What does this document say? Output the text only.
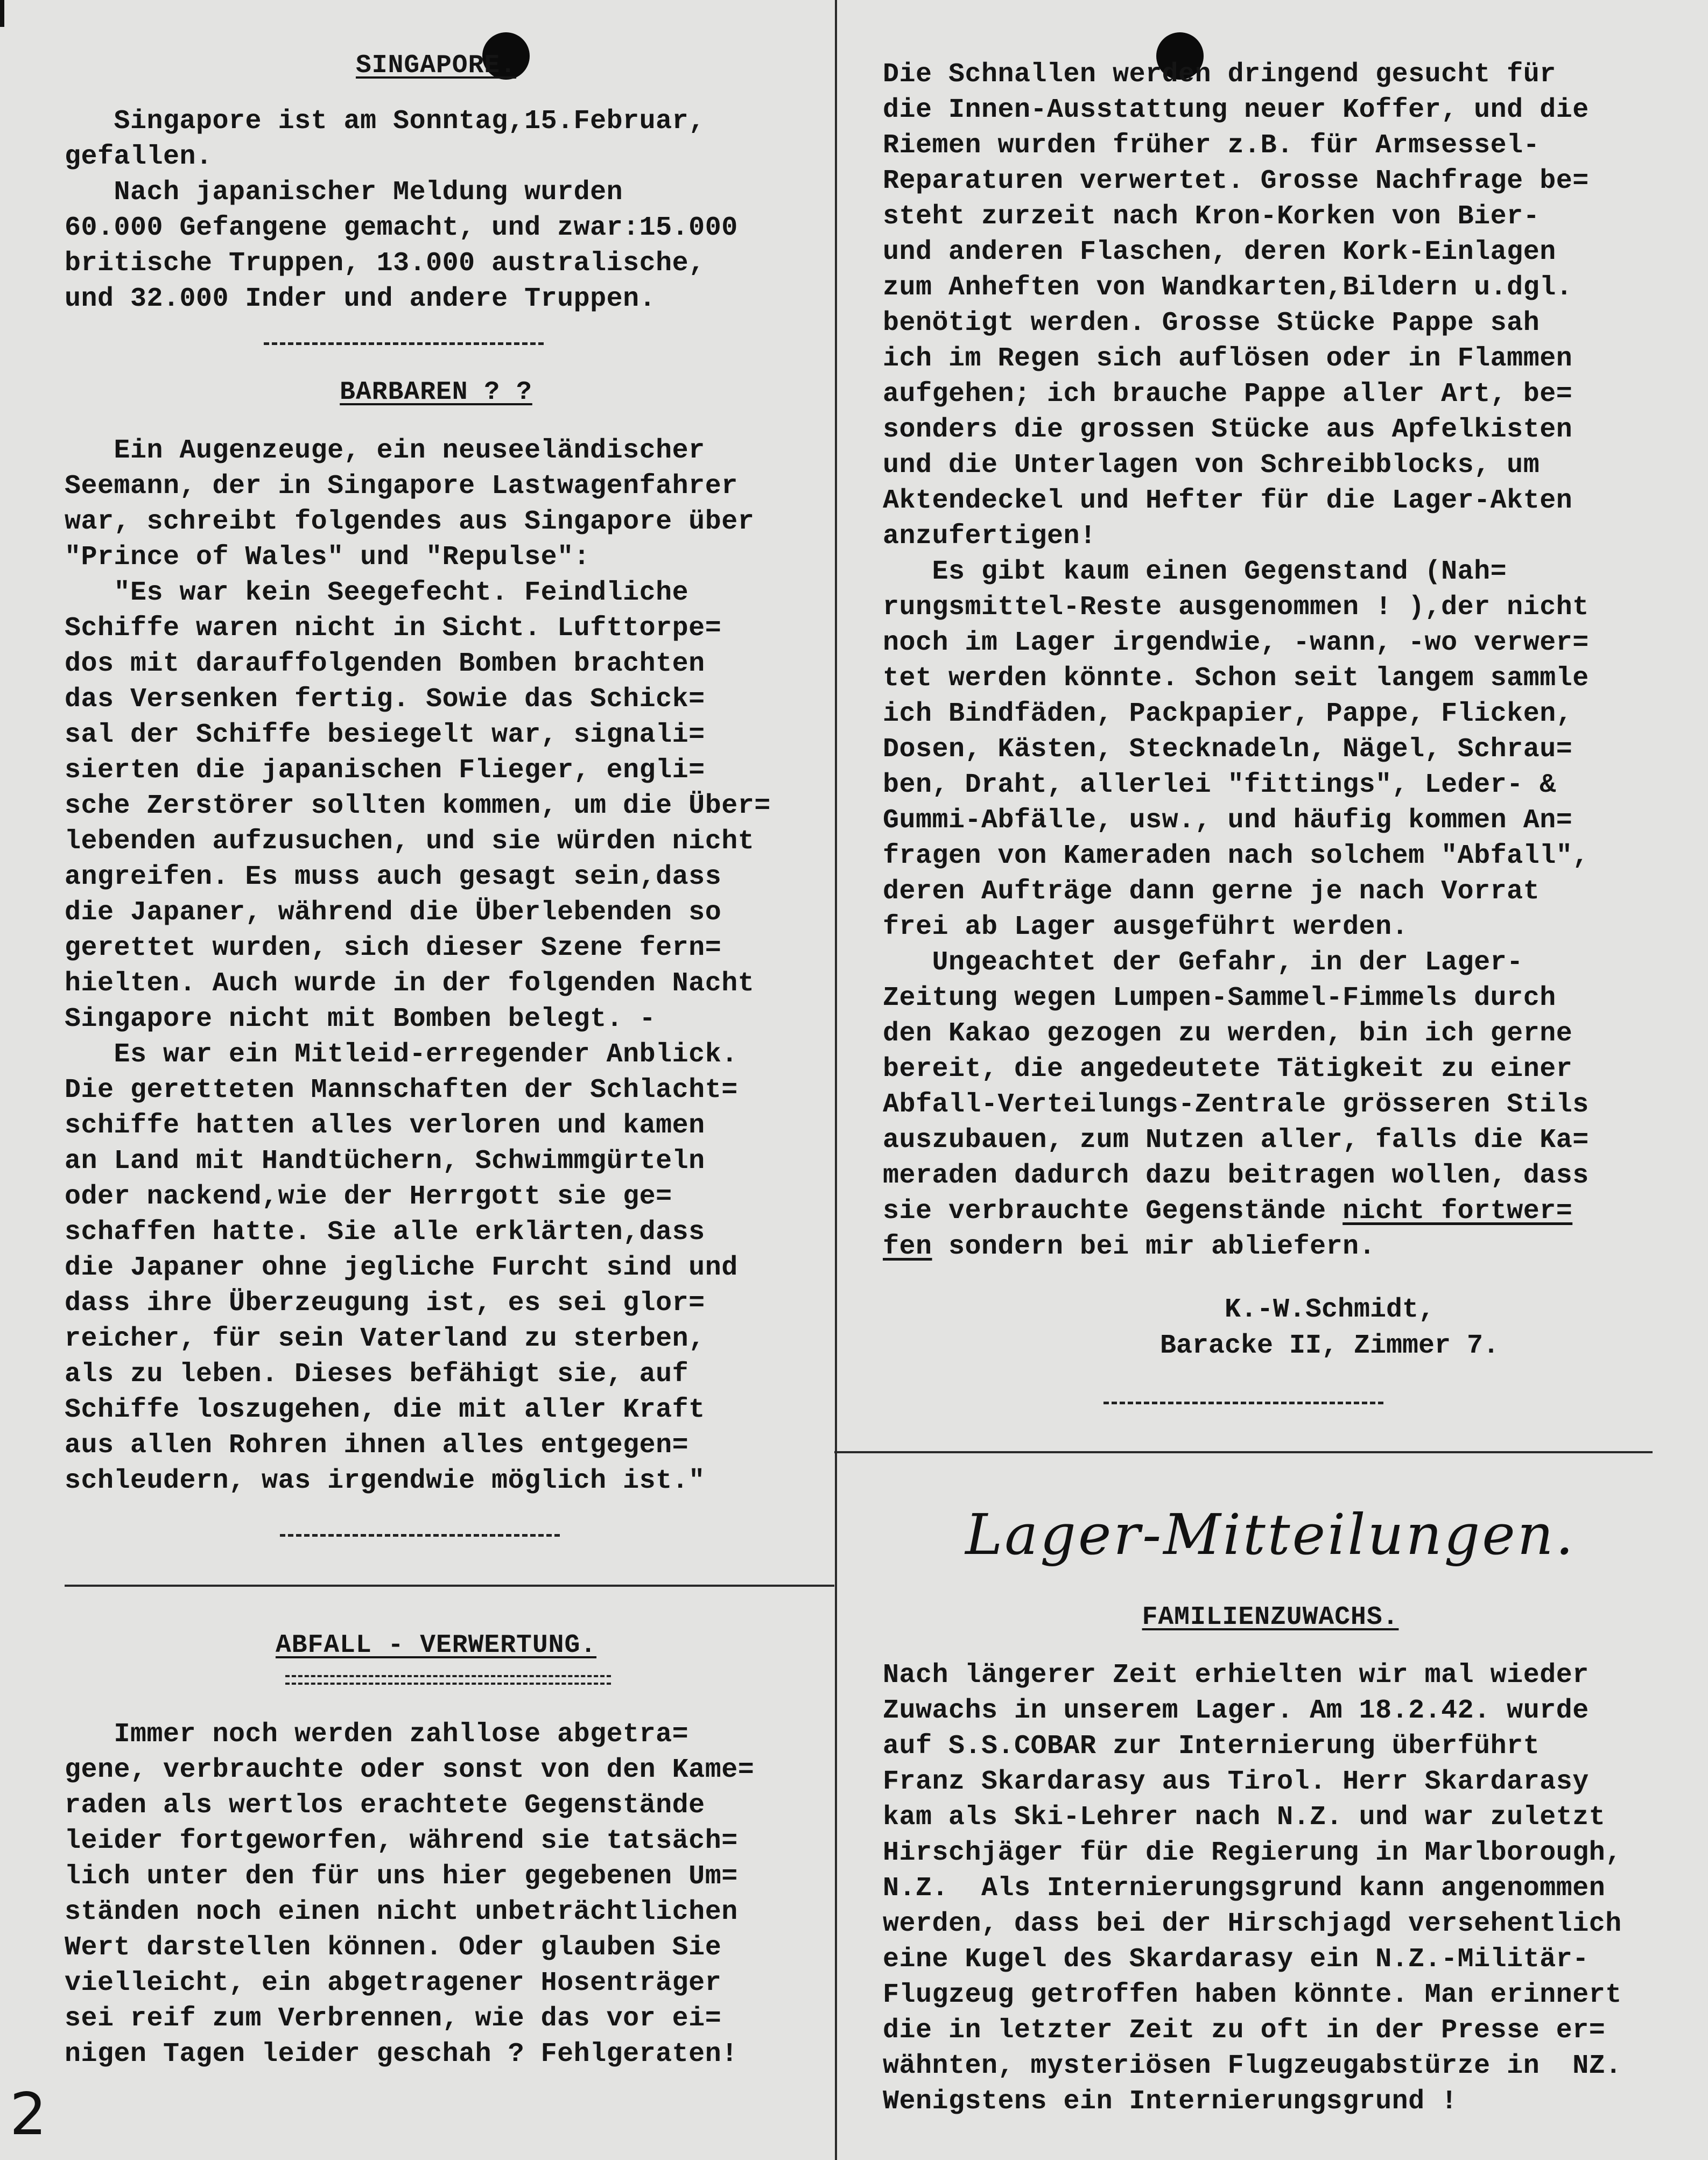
SINGAPORE.
Singapore ist am Sonntag,15.Februar,
gefallen.
Nach japanischer Meldung wurden
60.000 Gefangene gemacht, und zwar:15.000
britische Truppen, 13.000 australische,
und 32.000 Inder und andere Truppen.
BARBAREN ? ?
Ein Augenzeuge, ein neuseeländischer
Seemann, der in Singapore Lastwagenfahrer
war, schreibt folgendes aus Singapore über
"Prince of Wales" und "Repulse":
"Es war kein Seegefecht. Feindliche
Schiffe waren nicht in Sicht. Lufttorpe=
dos mit darauffolgenden Bomben brachten
das Versenken fertig. Sowie das Schick=
sal der Schiffe besiegelt war, signali=
sierten die japanischen Flieger, engli=
sche Zerstörer sollten kommen, um die Über=
lebenden aufzusuchen, und sie würden nicht
angreifen. Es muss auch gesagt sein,dass
die Japaner, während die Überlebenden so
gerettet wurden, sich dieser Szene fern=
hielten. Auch wurde in der folgenden Nacht
Singapore nicht mit Bomben belegt. -
Es war ein Mitleid-erregender Anblick.
Die geretteten Mannschaften der Schlacht=
schiffe hatten alles verloren und kamen
an Land mit Handtüchern, Schwimmgürteln
oder nackend,wie der Herrgott sie ge=
schaffen hatte. Sie alle erklärten,dass
die Japaner ohne jegliche Furcht sind und
dass ihre Überzeugung ist, es sei glor=
reicher, für sein Vaterland zu sterben,
als zu leben. Dieses befähigt sie, auf
Schiffe loszugehen, die mit aller Kraft
aus allen Rohren ihnen alles entgegen=
schleudern, was irgendwie möglich ist."
ABFALL - VERWERTUNG.
Immer noch werden zahllose abgetra=
gene, verbrauchte oder sonst von den Kame=
raden als wertlos erachtete Gegenstände
leider fortgeworfen, während sie tatsäch=
lich unter den für uns hier gegebenen Um=
ständen noch einen nicht unbeträchtlichen
Wert darstellen können. Oder glauben Sie
vielleicht, ein abgetragener Hosenträger
sei reif zum Verbrennen, wie das vor ei=
nigen Tagen leider geschah ? Fehlgeraten!
Die Schnallen werden dringend gesucht für
die Innen-Ausstattung neuer Koffer, und die
Riemen wurden früher z.B. für Armsessel-
Reparaturen verwertet. Grosse Nachfrage be=
steht zurzeit nach Kron-Korken von Bier-
und anderen Flaschen, deren Kork-Einlagen
zum Anheften von Wandkarten,Bildern u.dgl.
benötigt werden. Grosse Stücke Pappe sah
ich im Regen sich auflösen oder in Flammen
aufgehen; ich brauche Pappe aller Art, be=
sonders die grossen Stücke aus Apfelkisten
und die Unterlagen von Schreibblocks, um
Aktendeckel und Hefter für die Lager-Akten
anzufertigen!
Es gibt kaum einen Gegenstand (Nah=
rungsmittel-Reste ausgenommen ! ),der nicht
noch im Lager irgendwie, -wann, -wo verwer=
tet werden könnte. Schon seit langem sammle
ich Bindfäden, Packpapier, Pappe, Flicken,
Dosen, Kästen, Stecknadeln, Nägel, Schrau=
ben, Draht, allerlei "fittings", Leder- &
Gummi-Abfälle, usw., und häufig kommen An=
fragen von Kameraden nach solchem "Abfall",
deren Aufträge dann gerne je nach Vorrat
frei ab Lager ausgeführt werden.
Ungeachtet der Gefahr, in der Lager-
Zeitung wegen Lumpen-Sammel-Fimmels durch
den Kakao gezogen zu werden, bin ich gerne
bereit, die angedeutete Tätigkeit zu einer
Abfall-Verteilungs-Zentrale grösseren Stils
auszubauen, zum Nutzen aller, falls die Ka=
meraden dadurch dazu beitragen wollen, dass
sie verbrauchte Gegenstände nicht fortwer=
fen sondern bei mir abliefern.
K.-W.Schmidt,
Baracke II, Zimmer 7.
Lager-Mitteilungen.
FAMILIENZUWACHS.
Nach längerer Zeit erhielten wir mal wieder
Zuwachs in unserem Lager. Am 18.2.42. wurde
auf S.S.COBAR zur Internierung überführt
Franz Skardarasy aus Tirol. Herr Skardarasy
kam als Ski-Lehrer nach N.Z. und war zuletzt
Hirschjäger für die Regierung in Marlborough,
N.Z.  Als Internierungsgrund kann angenommen
werden, dass bei der Hirschjagd versehentlich
eine Kugel des Skardarasy ein N.Z.-Militär-
Flugzeug getroffen haben könnte. Man erinnert
die in letzter Zeit zu oft in der Presse er=
wähnten, mysteriösen Flugzeugabstürze in  NZ.
Wenigstens ein Internierungsgrund !
2
